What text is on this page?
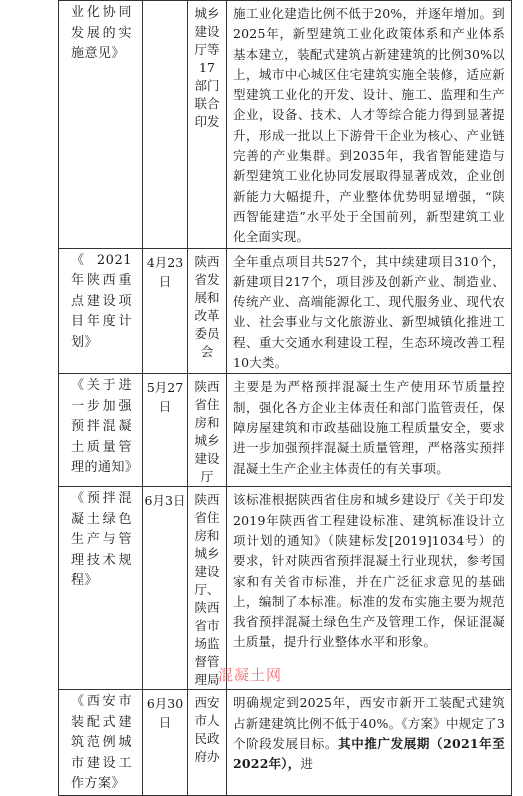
业化协同发展的实施意见》		城乡建设厅等17部门联合印发	施工业化建造比例不低于20%，并逐年增加。到2025年，新型建筑工业化政策体系和产业体系基本建立，装配式建筑占新建建筑的比例30%以上，城市中心城区住宅建筑实施全装修，适应新型建筑工业化的开发、设计、施工、监理和生产企业，设备、技术、人才等综合能力得到显著提升，形成一批以上下游骨干企业为核心、产业链完善的产业集群。到2035年，我省智能建造与新型建筑工业化协同发展取得显著成效，企业创新能力大幅提升，产业整体优势明显增强，“陕西智能建造”水平处于全国前列，新型建筑工业化全面实现。

《2021年陕西重点建设项目年度计划》	4月23日	陕西省发展和改革委员会	全年重点项目共527个，其中续建项目310个，新建项目217个，项目涉及创新产业、制造业、传统产业、高端能源化工、现代服务业、现代农业、社会事业与文化旅游业、新型城镇化推进工程、重大交通水利建设工程，生态环境改善工程10大类。

《关于进一步加强预拌混凝土质量管理的通知》	5月27日	陕西省住房和城乡建设厅	主要是为严格预拌混凝土生产使用环节质量控制，强化各方企业主体责任和部门监管责任，保障房屋建筑和市政基础设施工程质量安全，要求进一步加强预拌混凝土质量管理，严格落实预拌混凝土生产企业主体责任的有关事项。

《预拌混凝土绿色生产与管理技术规程》	6月3日	陕西省住房和城乡建设厅、陕西省市场监督管理局	该标准根据陕西省住房和城乡建设厅《关于印发2019年陕西省工程建设标准、建筑标准设计立项计划的通知》（陕建标发[2019]1034号）的要求，针对陕西省预拌混凝土行业现状，参考国家和有关省市标准，并在广泛征求意见的基础上，编制了本标准。标准的发布实施主要为规范我省预拌混凝土绿色生产及管理工作，保证混凝土质量，提升行业整体水平和形象。

《西安市装配式建筑范例城市建设工作方案》	6月30日	西安市人民政府办	明确规定到2025年，西安市新开工装配式建筑占新建建筑比例不低于40%。《方案》中规定了3个阶段发展目标。其中推广发展期（2021年至2022年），进
混凝土网
